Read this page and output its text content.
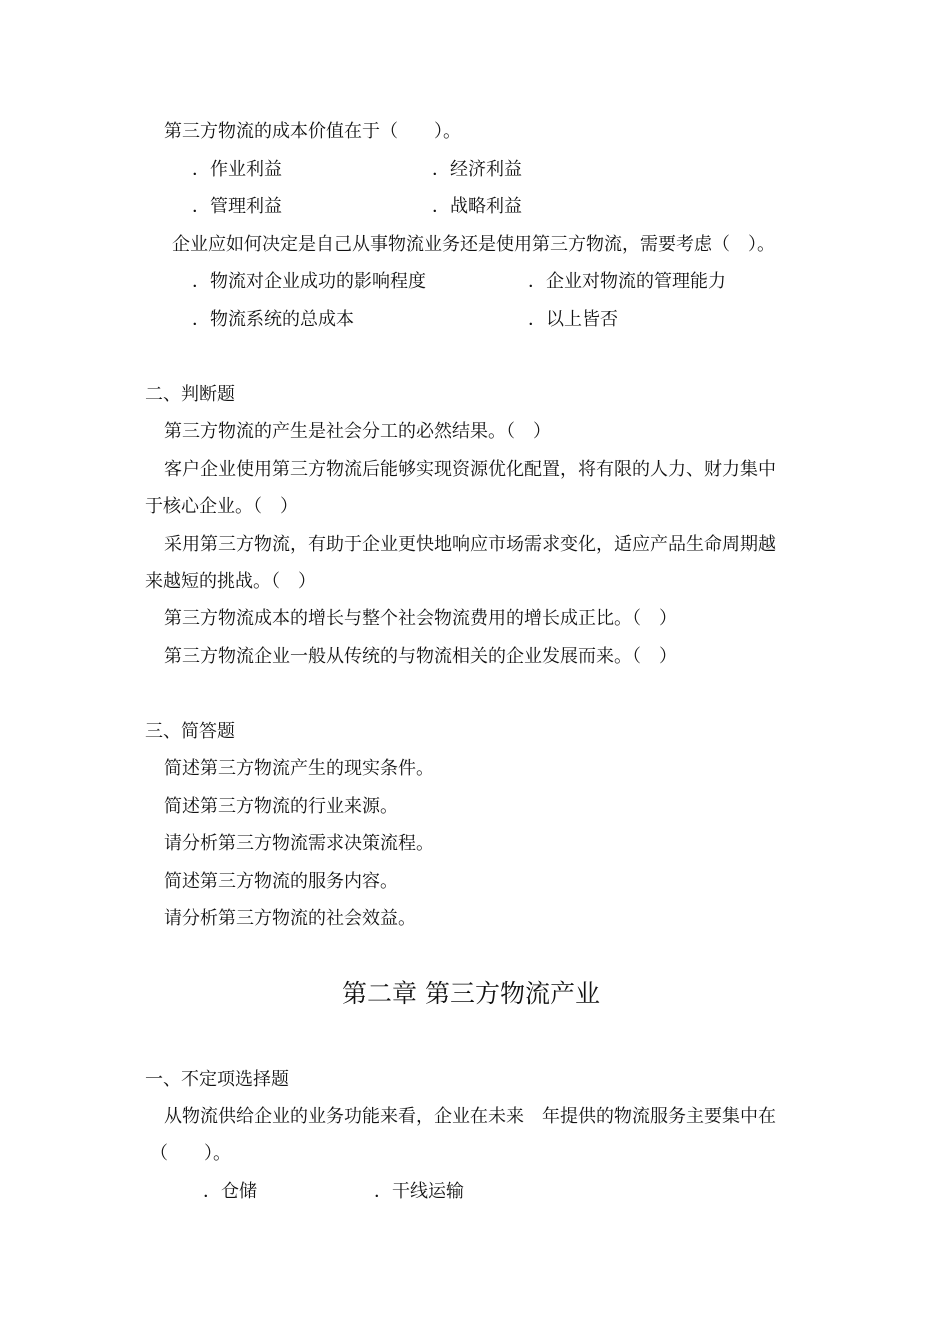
第三方物流的成本价值在于（　　）。
．作业利益	．经济利益
．管理利益	．战略利益
企业应如何决定是自己从事物流业务还是使用第三方物流，需要考虑（　）。
．物流对企业成功的影响程度	．企业对物流的管理能力
．物流系统的总成本	．以上皆否
二、判断题
第三方物流的产生是社会分工的必然结果。（　）
客户企业使用第三方物流后能够实现资源优化配置，将有限的人力、财力集中
于核心企业。（　）
采用第三方物流，有助于企业更快地响应市场需求变化，适应产品生命周期越
来越短的挑战。（　）
第三方物流成本的增长与整个社会物流费用的增长成正比。（　）
第三方物流企业一般从传统的与物流相关的企业发展而来。（　）
三、简答题
简述第三方物流产生的现实条件。
简述第三方物流的行业来源。
请分析第三方物流需求决策流程。
简述第三方物流的服务内容。
请分析第三方物流的社会效益。
第二章 第三方物流产业
一、不定项选择题
从物流供给企业的业务功能来看，企业在未来　年提供的物流服务主要集中在
（　　）。
．仓储	．干线运输
